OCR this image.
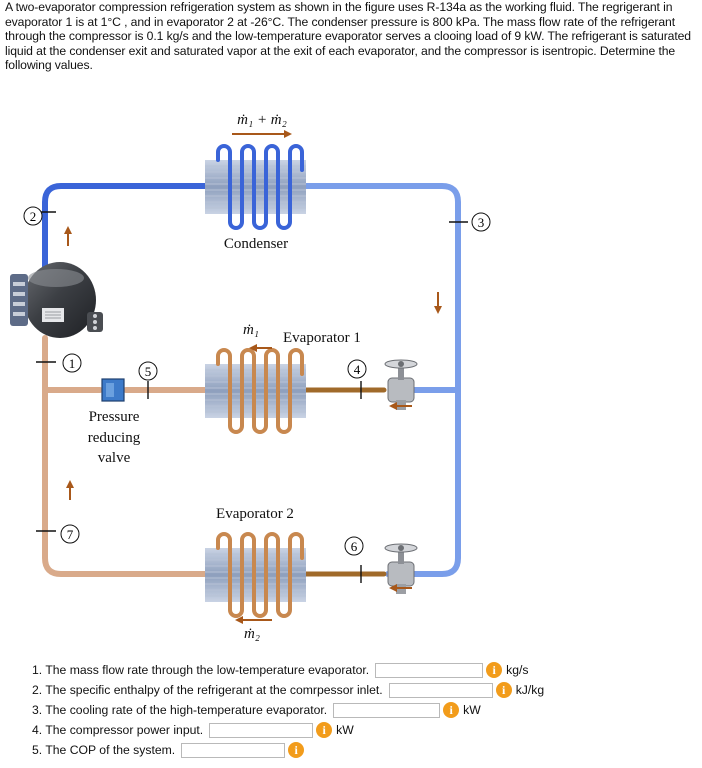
A two-evaporator compression refrigeration system as shown in the figure uses R-134a as the working fluid. The regrigerant in evaporator 1 is at 1°C , and in evaporator 2 at -26°C. The condenser pressure is 800 kPa. The mass flow rate of the refrigerant through the compressor is 0.1 kg/s and the low-temperature evaporator serves a clooing load of 9 kW. The refrigerant is saturated liquid at the condenser exit and saturated vapor at the exit of each evaporator, and the compressor is isentropic. Determine the following values.
2	3
1
5	4
6
7
ṁ₁ + ṁ₂
Condenser
ṁ₁ Evaporator 1
Evaporator 2
ṁ₂
Pressure
reducing
valve
1. The mass flow rate through the low-temperature evaporator.	i kg/s
2. The specific enthalpy of the refrigerant at the comrpessor inlet.	i kJ/kg
3. The cooling rate of the high-temperature evaporator.	i kW
4. The compressor power input.	i kW
5. The COP of the system.	i
